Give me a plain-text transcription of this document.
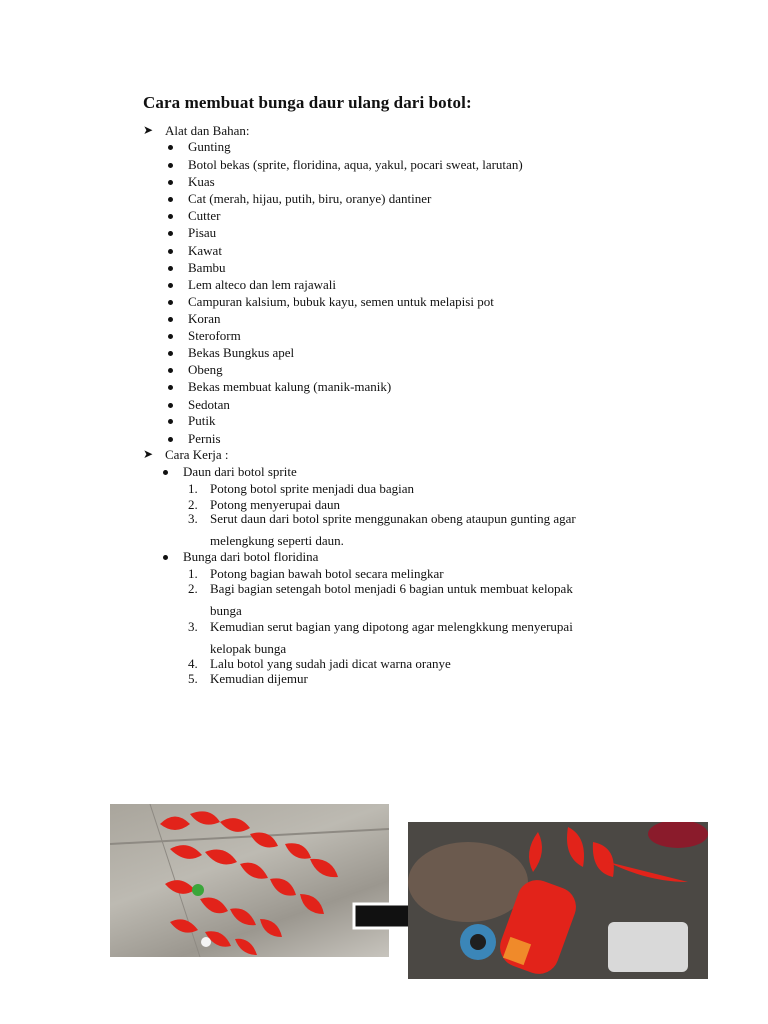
Cara membuat bunga daur ulang dari botol:
➤ Alat dan Bahan:
Gunting
Botol bekas (sprite, floridina, aqua, yakul, pocari sweat, larutan)
Kuas
Cat (merah, hijau, putih, biru, oranye) dantiner
Cutter
Pisau
Kawat
Bambu
Lem alteco dan lem rajawali
Campuran kalsium, bubuk kayu, semen untuk melapisi pot
Koran
Steroform
Bekas Bungkus apel
Obeng
Bekas membuat kalung (manik-manik)
Sedotan
Putik
Pernis
➤ Cara Kerja :
Daun dari botol sprite
1. Potong botol sprite menjadi dua bagian
2. Potong menyerupai daun
3. Serut daun dari botol sprite menggunakan obeng ataupun gunting agar
melengkung seperti daun.
Bunga dari botol floridina
1. Potong bagian bawah botol secara melingkar
2. Bagi bagian setengah botol menjadi 6 bagian untuk membuat kelopak
bunga
3. Kemudian serut bagian yang dipotong agar melengkkung menyerupai
kelopak bunga
4. Lalu botol yang sudah jadi dicat warna oranye
5. Kemudian dijemur
